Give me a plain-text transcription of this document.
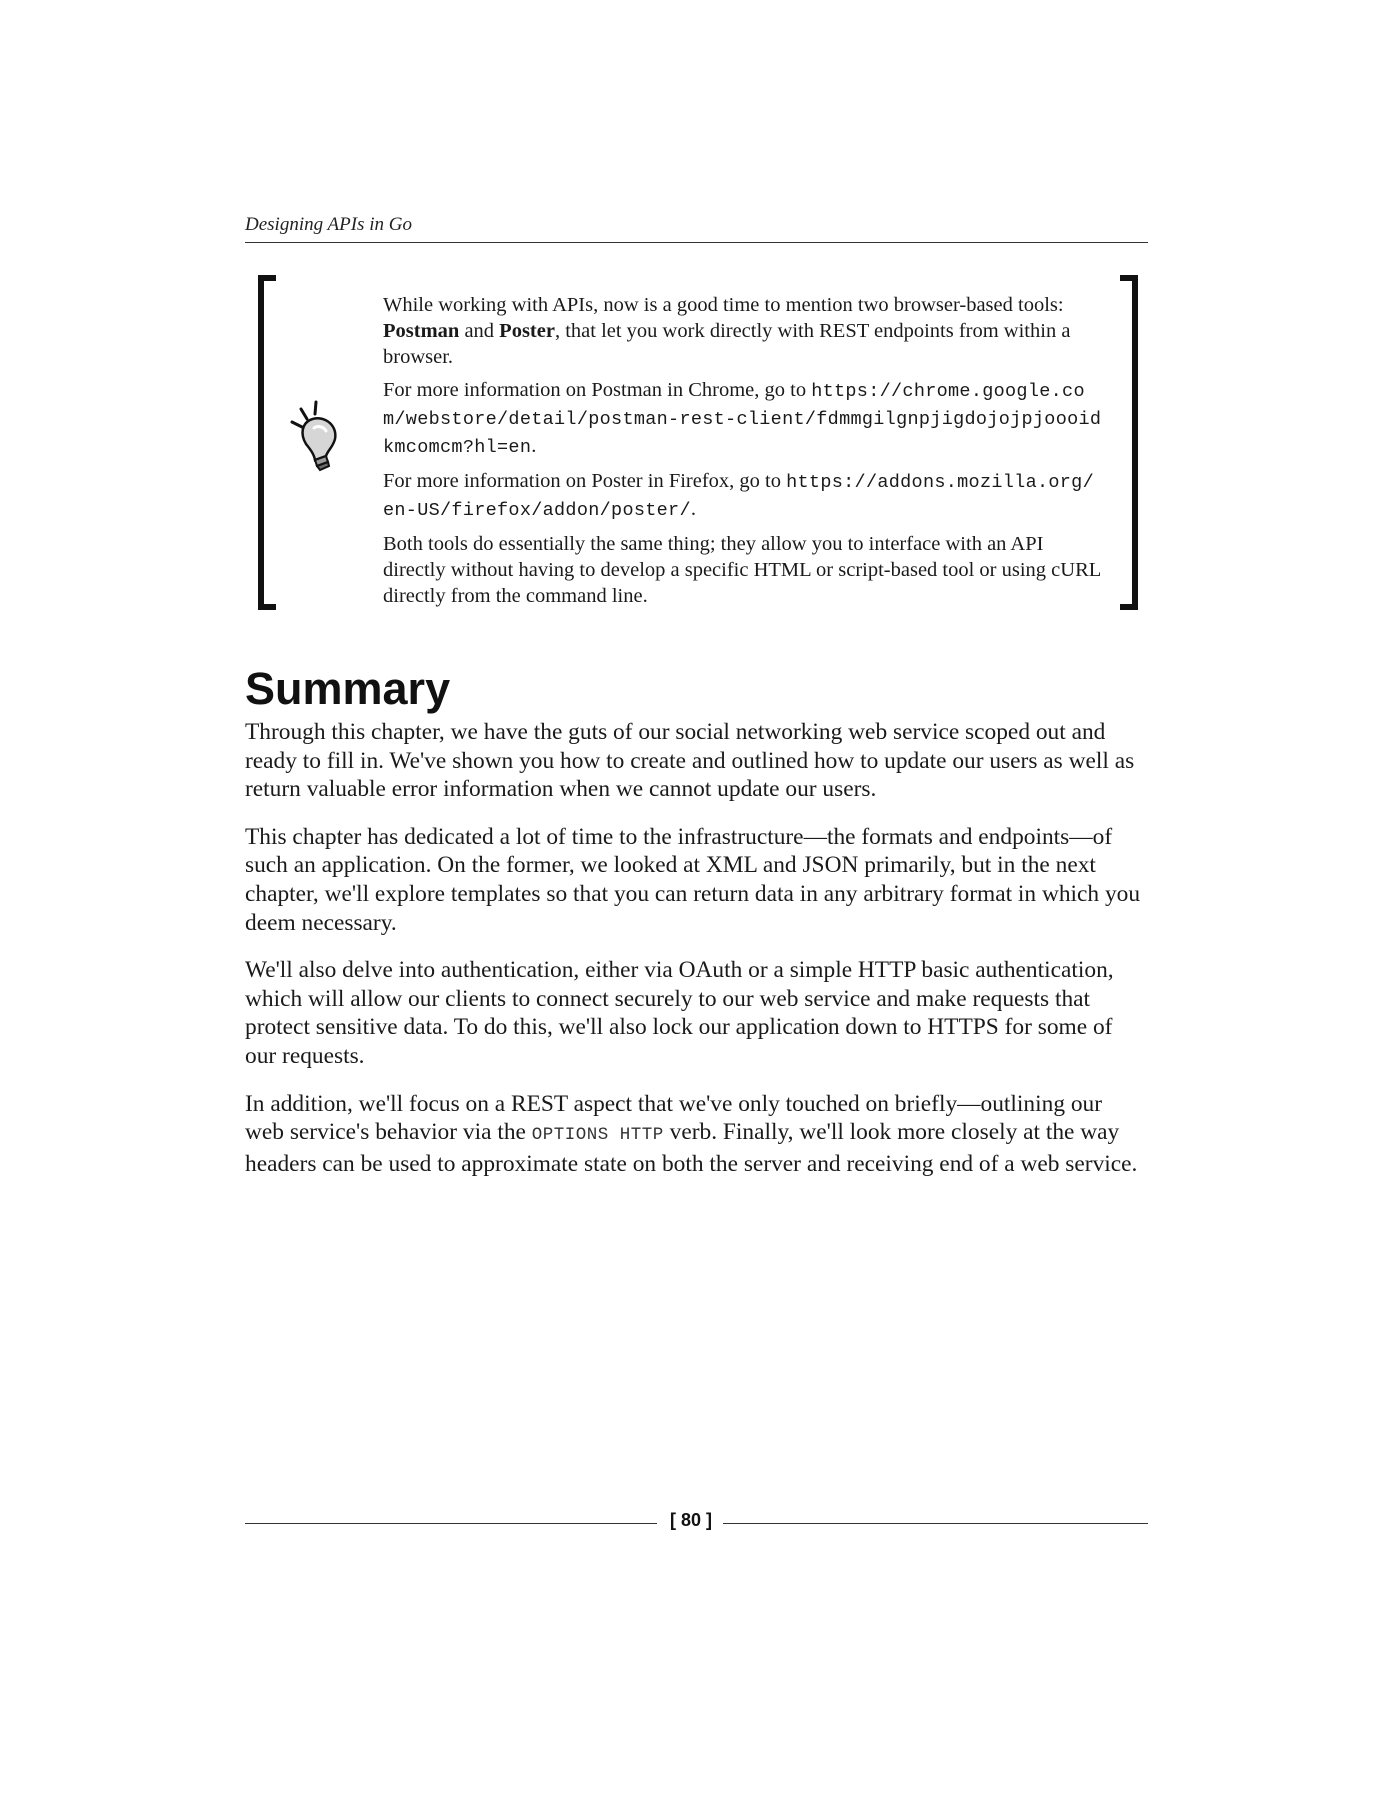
Designing APIs in Go

While working with APIs, now is a good time to mention two browser-based tools: Postman and Poster, that let you work directly with REST endpoints from within a browser.

For more information on Postman in Chrome, go to https://chrome.google.com/webstore/detail/postman-rest-client/fdmmgilgnpjigdojojpjoooidkmcomcm?hl=en.

For more information on Poster in Firefox, go to https://addons.mozilla.org/en-US/firefox/addon/poster/.

Both tools do essentially the same thing; they allow you to interface with an API directly without having to develop a specific HTML or script-based tool or using cURL directly from the command line.

Summary

Through this chapter, we have the guts of our social networking web service scoped out and ready to fill in. We've shown you how to create and outlined how to update our users as well as return valuable error information when we cannot update our users.

This chapter has dedicated a lot of time to the infrastructure—the formats and endpoints—of such an application. On the former, we looked at XML and JSON primarily, but in the next chapter, we'll explore templates so that you can return data in any arbitrary format in which you deem necessary.

We'll also delve into authentication, either via OAuth or a simple HTTP basic authentication, which will allow our clients to connect securely to our web service and make requests that protect sensitive data. To do this, we'll also lock our application down to HTTPS for some of our requests.

In addition, we'll focus on a REST aspect that we've only touched on briefly—outlining our web service's behavior via the OPTIONS HTTP verb. Finally, we'll look more closely at the way headers can be used to approximate state on both the server and receiving end of a web service.

[ 80 ]
